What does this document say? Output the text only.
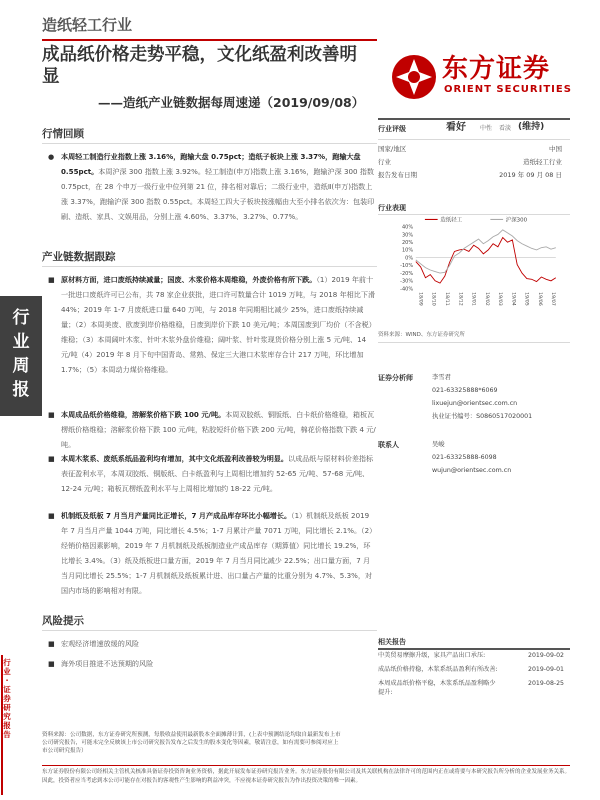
行业周报
行业·证券研究报告
造纸轻工行业
成品纸价格走势平稳，文化纸盈利改善明显
——造纸产业链数据每周速递（2019/09/08）
东方证券
ORIENT SECURITIES
行情回顾
● 本周轻工制造行业指数上涨 3.16%，跑输大盘 0.75pct；造纸子板块上涨 3.37%，跑输大盘 0.55pct。本周沪深 300 指数上涨 3.92%。轻工制造(申万)指数上涨 3.16%，跑输沪深 300 指数 0.75pct，在 28 个申万一级行业中位列第 21 位，排名相对靠后；二级行业中，造纸Ⅱ(申万)指数上涨 3.37%，跑输沪深 300 指数 0.55pct。本周轻工四大子板块按涨幅由大至小排名依次为：包装印刷、造纸、家具、文娱用品，分别上涨 4.60%、3.37%、3.27%、0.77%。
产业链数据跟踪
■ 原材料方面，进口废纸持续减量；国废、木浆价格本周维稳，外废价格有所下跌。（1）2019 年前十一批进口废纸许可已公布，共 78 家企业获批，进口许可数量合计 1019 万吨，与 2018 年相比下滑 44%；2019 年 1-7 月废纸进口量 640 万吨，与 2018 年同期相比减少 25%，进口废纸持续减量；（2）本周美废、欧废到岸价格维稳，日废到岸价下跌 10 美元/吨；本周国废到厂均价（不含税）维稳；（3）本周阔叶木浆、针叶木浆外盘价维稳；阔叶浆、针叶浆现货价格分别上涨 5 元/吨、14 元/吨（4）2019 年 8 月下旬中国青岛、常熟、保定三大港口木浆库存合计 217 万吨，环比增加 1.7%；（5）本周动力煤价格维稳。
■ 本周成品纸价格维稳，溶解浆价格下跌 100 元/吨。本周双胶纸、铜版纸、白卡纸价格维稳，箱板瓦楞纸价格维稳；溶解浆价格下跌 100 元/吨，粘胶短纤价格下跌 200 元/吨，棉花价格指数下跌 4 元/吨。
■ 本周木浆系、废纸系纸品盈利均有增加，其中文化纸盈利改善较为明显。以成品纸与原材料价差指标表征盈利水平，本周双胶纸、铜版纸、白卡纸盈利与上周相比增加约 52-65 元/吨、57-68 元/吨、12-24 元/吨；箱板瓦楞纸盈利水平与上周相比增加约 18-22 元/吨。
■ 机制纸及纸板 7 月当月产量同比正增长，7 月产成品库存环比小幅增长。（1）机制纸及纸板 2019 年 7 月当月产量 1044 万吨，同比增长 4.5%；1-7 月累计产量 7071 万吨，同比增长 2.1%。（2）经销价格因素影响，2019 年 7 月机制纸及纸板制造业产成品库存（期算值）同比增长 19.2%，环比增长 3.4%。（3）纸及纸板进口量方面，2019 年 7 月当月同比减少 22.5%；出口量方面，7 月当月同比增长 25.5%；1-7 月机制纸及纸板累计进、出口量占产量的比重分别为 4.7%、5.3%，对国内市场的影响相对有限。
风险提示
■ 宏观经济增速放缓的风险
■ 海外项目推进不达预期的风险
行业评级	看好 中性 看淡 (维持)
国家/地区	中国
行业	造纸轻工行业
报告发布日期	2019 年 09 月 08 日
行业表现
造纸轻工	沪深300
40%
30%
20%
10%
0%
-10%
-20%
-30%
-40%
18/09 18/10 18/11 18/12 19/01 19/02 19/03 19/04 19/05 19/06 19/07
资料来源：WIND、东方证券研究所
证券分析师	李雪君
021-63325888*6069
lixuejun@orientsec.com.cn
执业证书编号：S0860517020001
联系人	吴峻
021-63325888-6098
wujun@orientsec.com.cn
相关报告
中美贸易摩擦升级，家具产品出口承压:	2019-09-02
成品纸价格持稳，木浆系纸品盈利有所改善:	2019-09-01
本周成品纸价格平稳，木浆系纸品盈利略少	2019-08-25
提升:
资料来源：公司数据，东方证券研究所预测，每股收益使用最新股本全面摊薄计算，(上表中预测结论均取自最新发布上市公司研究报告，可能未完全反映该上市公司研究报告发布之后发生的股本变化等因素，敬请注意，如有需要可参阅对应上市公司研究报告）
东方证券股份有限公司经相关主管机关核准具备证券投资咨询业务资格，据此开展发布证券研究报告业务。东方证券股份有限公司及其关联机构在法律许可的范围内正在或将要与本研究报告所分析的企业发展业务关系。因此，投资者应当考虑到本公司可能存在对报告的客观性产生影响的利益冲突，不应视本证券研究报告为作出投资决策的唯一因素。
